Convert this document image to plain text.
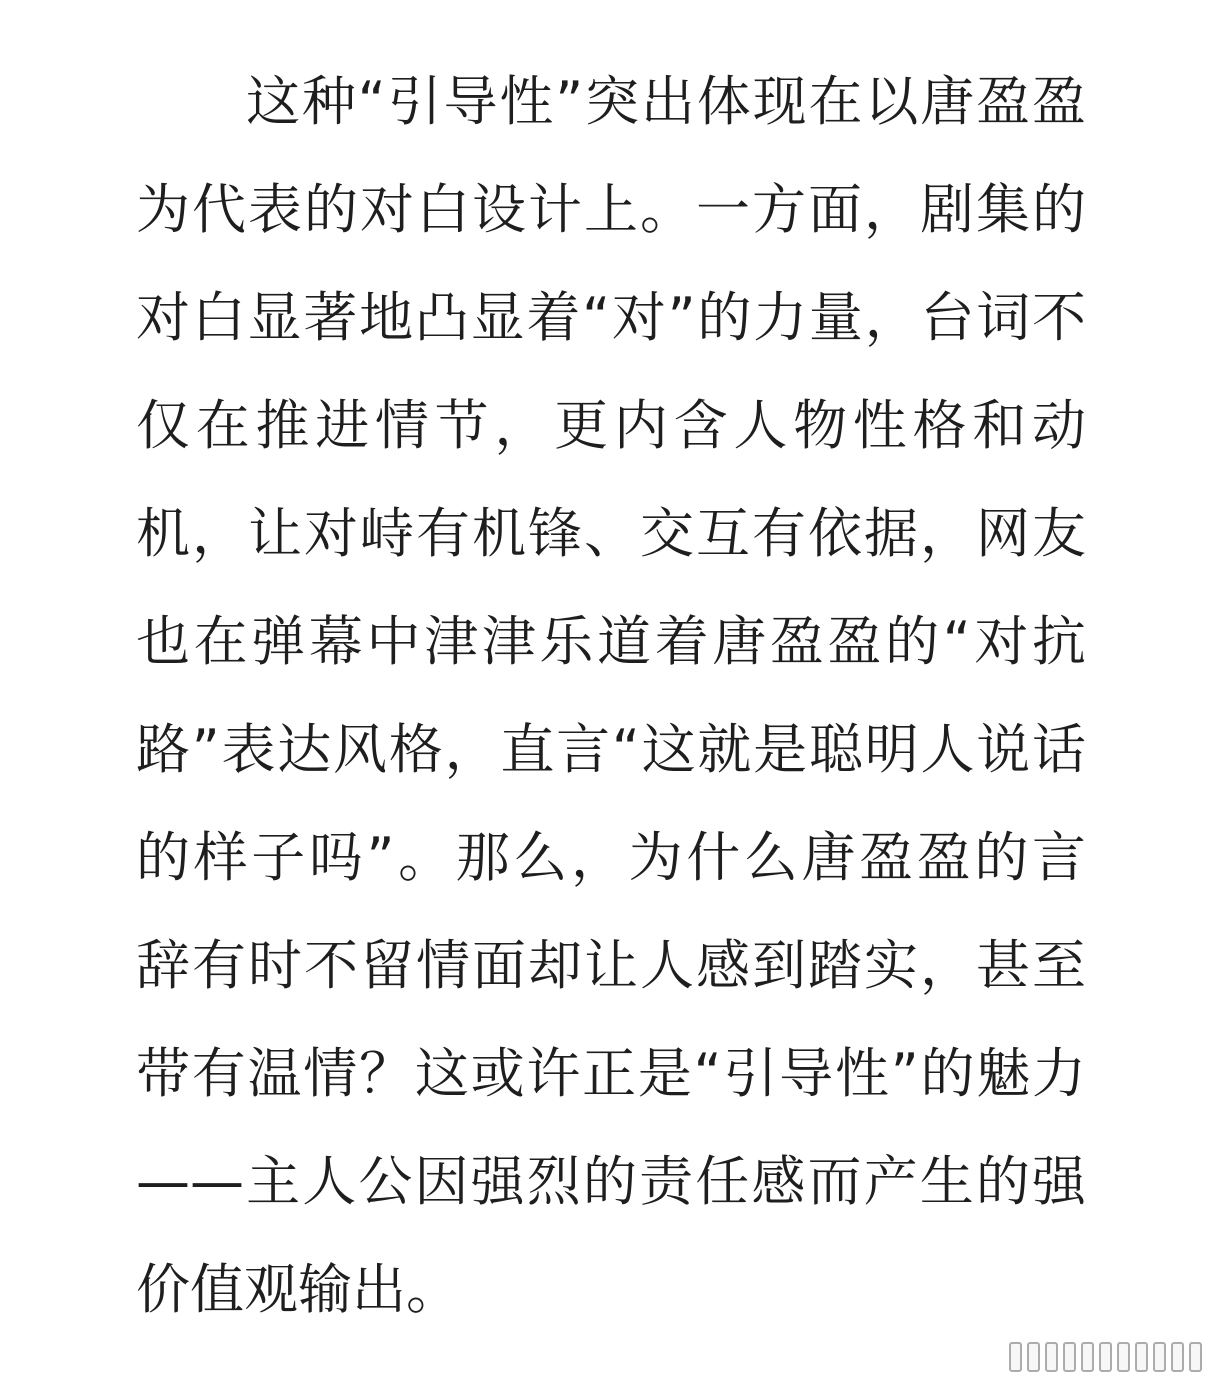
这种“引导性”突出体现在以唐盈盈
为代表的对白设计上。一方面，剧集的
对白显著地凸显着“对”的力量，台词不
仅在推进情节，更内含人物性格和动
机，让对峙有机锋、交互有依据，网友
也在弹幕中津津乐道着唐盈盈的“对抗
路”表达风格，直言“这就是聪明人说话
的样子吗”。那么，为什么唐盈盈的言
辞有时不留情面却让人感到踏实，甚至
带有温情？这或许正是“引导性”的魅力
——主人公因强烈的责任感而产生的强
价值观输出。
